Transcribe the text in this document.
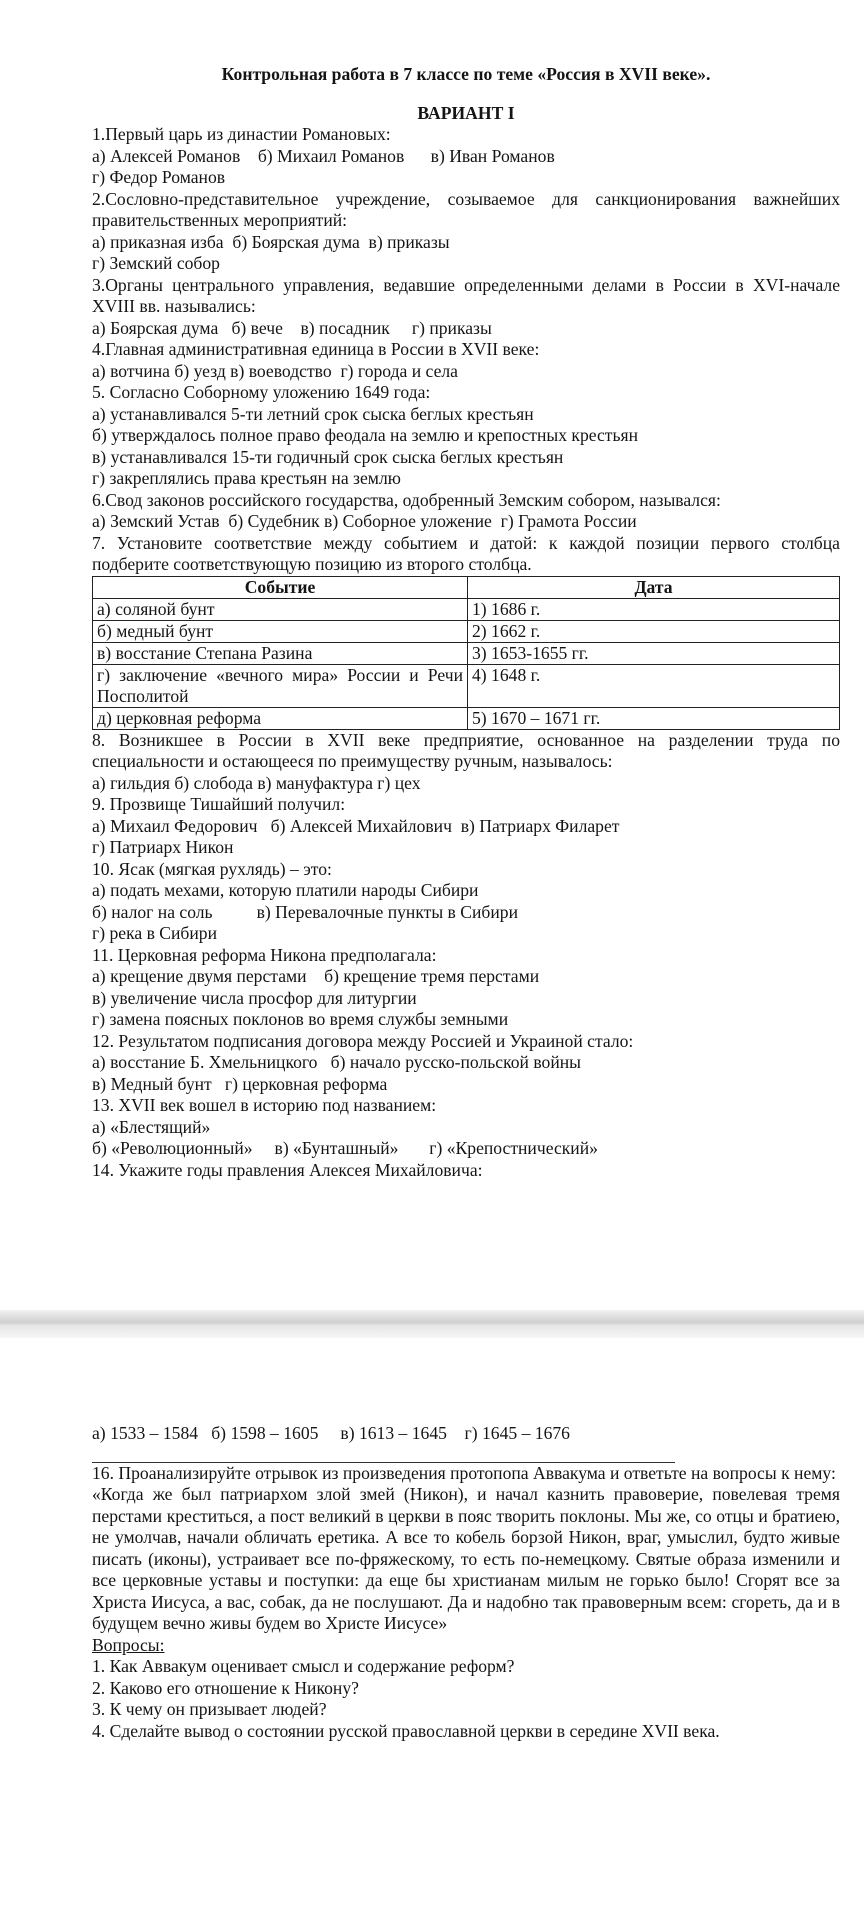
Контрольная работа в 7 классе по теме «Россия в XVII веке».

ВАРИАНТ I

1.Первый царь из династии Романовых:

а) Алексей Романов    б) Михаил Романов      в) Иван Романов

г) Федор Романов

2.Сословно-представительное учреждение, созываемое для санкционирования важнейших правительственных мероприятий:

а) приказная изба  б) Боярская дума  в) приказы

г) Земский собор

3.Органы центрального управления, ведавшие определенными делами в России в XVI-начале XVIII вв. назывались:

а) Боярская дума   б) вече    в) посадник     г) приказы

4.Главная административная единица в России в XVII веке:

а) вотчина б) уезд в) воеводство  г) города и села

5. Согласно Соборному уложению 1649 года:

а) устанавливался 5-ти летний срок сыска беглых крестьян

б) утверждалось полное право феодала на землю и крепостных крестьян

в) устанавливался 15-ти годичный срок сыска беглых крестьян

г) закреплялись права крестьян на землю

6.Свод законов российского государства, одобренный Земским собором, назывался:

а) Земский Устав  б) Судебник в) Соборное уложение  г) Грамота России

7. Установите соответствие между событием и датой: к каждой позиции первого столбца подберите соответствующую позицию из второго столбца.

Событие	Дата
а) соляной бунт	1) 1686 г.
б) медный бунт	2) 1662 г.
в) восстание Степана Разина	3) 1653-1655 гг.
г) заключение «вечного мира» России и Речи Посполитой	4) 1648 г.
д) церковная реформа	5) 1670 – 1671 гг.

8. Возникшее в России в XVII веке предприятие, основанное на разделении труда по специальности и остающееся по преимуществу ручным, называлось:

а) гильдия б) слобода в) мануфактура г) цех

9. Прозвище Тишайший получил:

а) Михаил Федорович   б) Алексей Михайлович  в) Патриарх Филарет

г) Патриарх Никон

10. Ясак (мягкая рухлядь) – это:

а) подать мехами, которую платили народы Сибири

б) налог на соль          в) Перевалочные пункты в Сибири

г) река в Сибири

11. Церковная реформа Никона предполагала:

а) крещение двумя перстами    б) крещение тремя перстами

в) увеличение числа просфор для литургии

г) замена поясных поклонов во время службы земными

12. Результатом подписания договора между Россией и Украиной стало:

а) восстание Б. Хмельницкого   б) начало русско-польской войны

в) Медный бунт   г) церковная реформа

13. XVII век вошел в историю под названием:

а) «Блестящий»

б) «Революционный»     в) «Бунташный»       г) «Крепостнический»

14. Укажите годы правления Алексея Михайловича:

а) 1533 – 1584   б) 1598 – 1605     в) 1613 – 1645    г) 1645 – 1676

16. Проанализируйте отрывок из произведения протопопа Аввакума и ответьте на вопросы к нему:

«Когда же был патриархом злой змей (Никон), и начал казнить правоверие, повелевая тремя перстами креститься, а пост великий в церкви в пояс творить поклоны. Мы же, со отцы и братиею, не умолчав, начали обличать еретика. А все то кобель борзой Никон, враг, умыслил, будто живые писать (иконы), устраивает все по-фряжескому, то есть по-немецкому. Святые образа изменили и все церковные уставы и поступки: да еще бы христианам милым не горько было! Сгорят все за Христа Иисуса, а вас, собак, да не послушают. Да и надобно так правоверным всем: сгореть, да и в будущем вечно живы будем во Христе Иисусе»

Вопросы:

1. Как Аввакум оценивает смысл и содержание реформ?

2. Каково его отношение к Никону?

3. К чему он призывает людей?

4. Сделайте вывод о состоянии русской православной церкви в середине XVII века.
